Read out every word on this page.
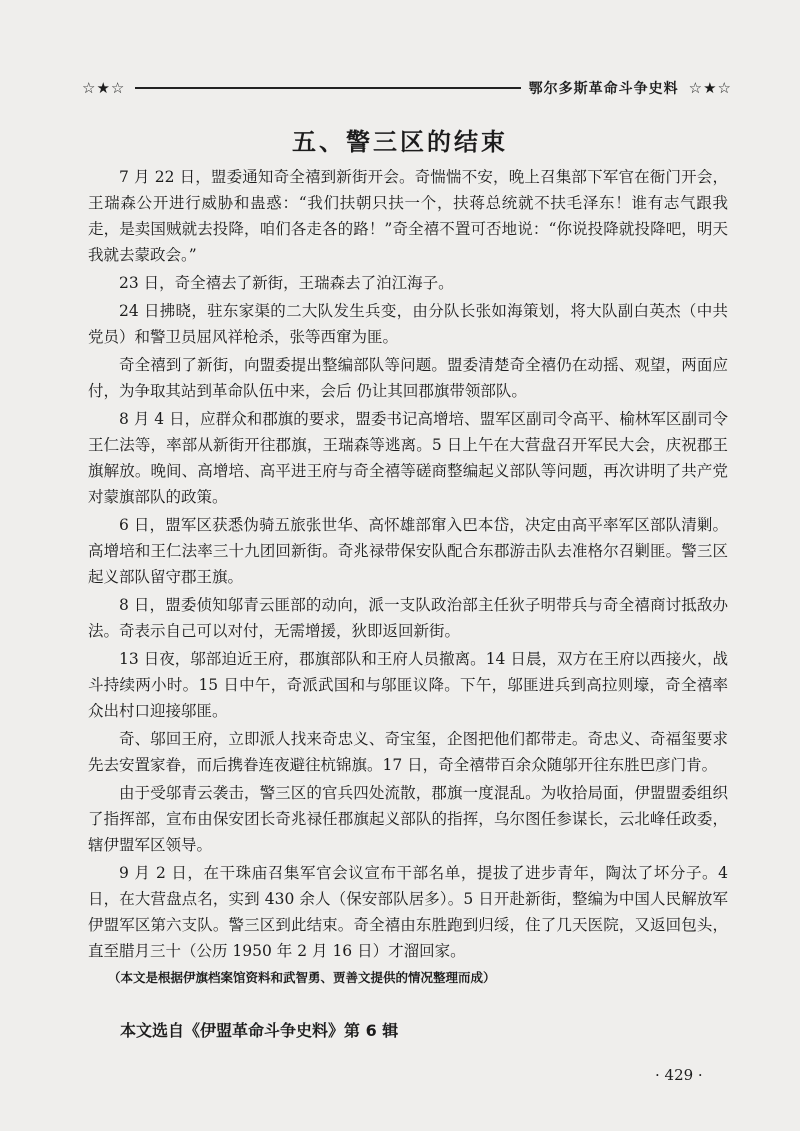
☆★☆	鄂尔多斯革命斗争史料 ☆★☆
五、警三区的结束

7 月 22 日，盟委通知奇全禧到新街开会。奇惴惴不安，晚上召集部下军官在衙门开会，王瑞森公开进行威胁和蛊惑：“我们扶朝只扶一个，扶蒋总统就不扶毛泽东！谁有志气跟我走，是卖国贼就去投降，咱们各走各的路！”奇全禧不置可否地说：“你说投降就投降吧，明天我就去蒙政会。”

23 日，奇全禧去了新街，王瑞森去了泊江海子。

24 日拂晓，驻东家渠的二大队发生兵变，由分队长张如海策划，将大队副白英杰（中共党员）和警卫员屈风祥枪杀，张等西窜为匪。

奇全禧到了新街，向盟委提出整编部队等问题。盟委清楚奇全禧仍在动摇、观望，两面应付，为争取其站到革命队伍中来，会后 仍让其回郡旗带领部队。

8 月 4 日，应群众和郡旗的要求，盟委书记高增培、盟军区副司令高平、榆林军区副司令王仁法等，率部从新街开往郡旗，王瑞森等逃离。5 日上午在大营盘召开军民大会，庆祝郡王旗解放。晚间、高增培、高平进王府与奇全禧等磋商整编起义部队等问题，再次讲明了共产党对蒙旗部队的政策。

6 日，盟军区获悉伪骑五旅张世华、高怀雄部窜入巴本岱，决定由高平率军区部队清剿。高增培和王仁法率三十九团回新街。奇兆禄带保安队配合东郡游击队去准格尔召剿匪。警三区起义部队留守郡王旗。

8 日，盟委侦知邬青云匪部的动向，派一支队政治部主任狄子明带兵与奇全禧商讨抵敌办法。奇表示自己可以对付，无需增援，狄即返回新街。

13 日夜，邬部迫近王府，郡旗部队和王府人员撤离。14 日晨，双方在王府以西接火，战斗持续两小时。15 日中午，奇派武国和与邬匪议降。下午，邬匪进兵到高拉则壕，奇全禧率众出村口迎接邬匪。

奇、邬回王府，立即派人找来奇忠义、奇宝玺，企图把他们都带走。奇忠义、奇福玺要求先去安置家眷，而后携眷连夜避往杭锦旗。17 日，奇全禧带百余众随邬开往东胜巴彦门肯。

由于受邬青云袭击，警三区的官兵四处流散，郡旗一度混乱。为收拾局面，伊盟盟委组织了指挥部，宣布由保安团长奇兆禄任郡旗起义部队的指挥，乌尔图任参谋长，云北峰任政委，辖伊盟军区领导。

9 月 2 日，在干珠庙召集军官会议宣布干部名单，提拔了进步青年，陶汰了坏分子。4 日，在大营盘点名，实到 430 余人（保安部队居多）。5 日开赴新街，整编为中国人民解放军伊盟军区第六支队。警三区到此结束。奇全禧由东胜跑到归绥，住了几天医院，又返回包头，直至腊月三十（公历 1950 年 2 月 16 日）才溜回家。

（本文是根据伊旗档案馆资料和武智勇、贾善文提供的情况整理而成）
本文选自《伊盟革命斗争史料》第 6 辑
· 429 ·
